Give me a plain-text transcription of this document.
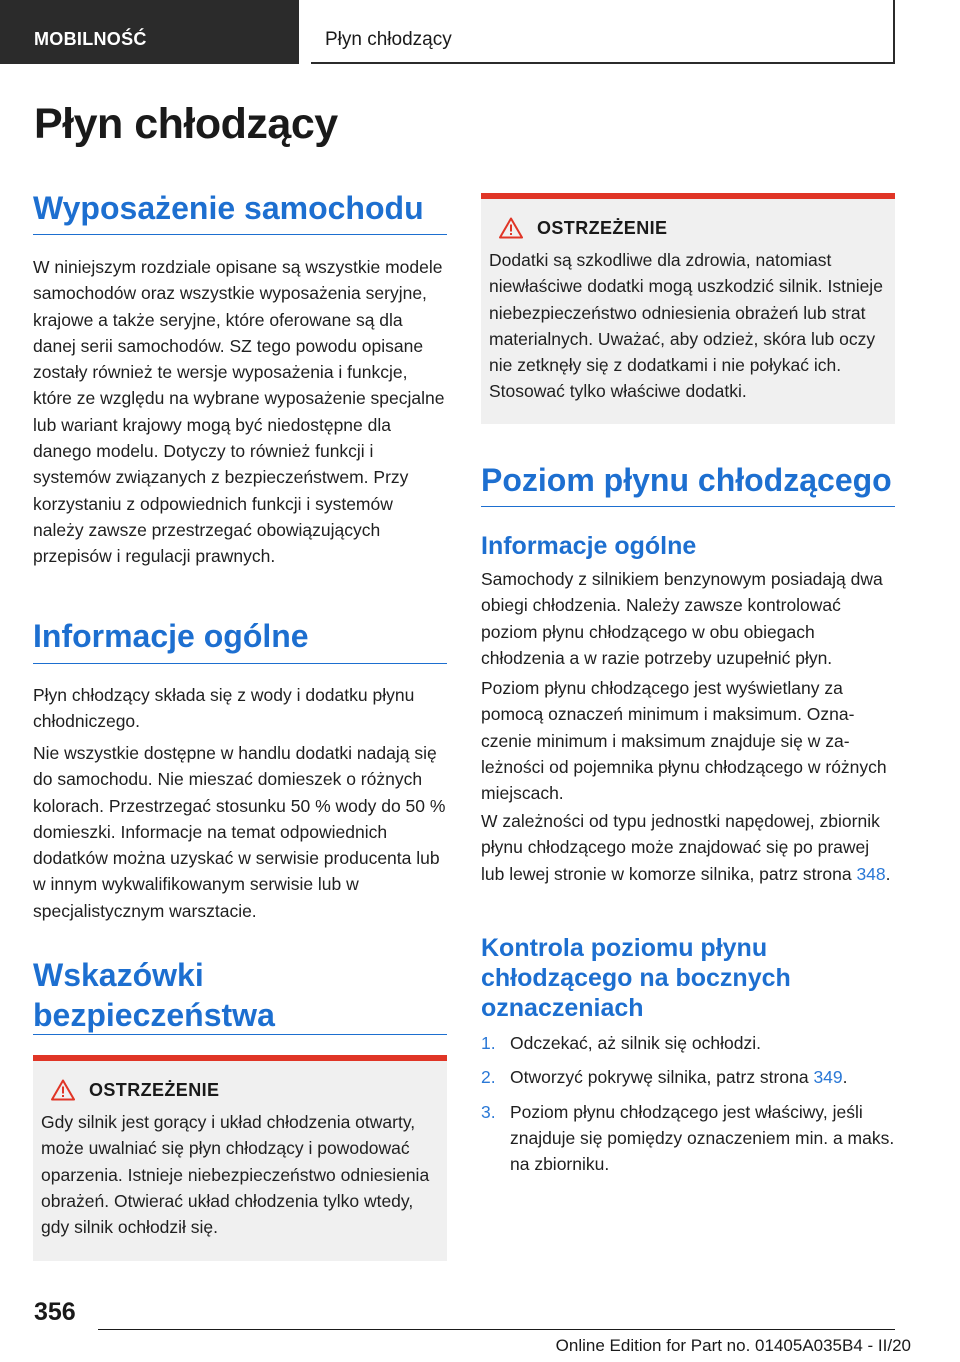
MOBILNOŚĆ	Płyn chłodzący
Płyn chłodzący
Wyposażenie samochodu

W niniejszym rozdziale opisane są wszystkie modele samochodów oraz wszystkie wyposażenia seryjne, krajowe a także seryjne, które oferowane są dla danej serii samochodów. SZ tego powodu opisane zostały również te wersje wyposażenia i funkcje, które ze względu na wybrane wyposażenie specjalne lub wariant krajowy mogą być niedostępne dla danego modelu. Dotyczy to również funkcji i systemów związanych z bezpieczeństwem. Przy korzystaniu z odpowiednich funkcji i systemów należy zawsze przestrzegać obowiązujących przepisów i regulacji prawnych.

Informacje ogólne

Płyn chłodzący składa się z wody i dodatku płynu chłodniczego.

Nie wszystkie dostępne w handlu dodatki nadają się do samochodu. Nie mieszać domieszek o różnych kolorach. Przestrzegać stosunku 50 % wody do 50 % domieszki. Informacje na temat odpowiednich dodatków można uzyskać w serwisie producenta lub w innym wykwalifikowanym serwisie lub w specjalistycznym warsztacie.

Wskazówki bezpieczeństwa
OSTRZEŻENIE

Gdy silnik jest gorący i układ chłodzenia otwarty, może uwalniać się płyn chłodzący i powodować oparzenia. Istnieje niebezpieczeństwo odniesienia obrażeń. Otwierać układ chłodzenia tylko wtedy, gdy silnik ochłodził się.

OSTRZEŻENIE

Dodatki są szkodliwe dla zdrowia, natomiast niewłaściwe dodatki mogą uszkodzić silnik. Istnieje niebezpieczeństwo odniesienia obrażeń lub strat materialnych. Uważać, aby odzież, skóra lub oczy nie zetknęły się z dodatkami i nie połykać ich. Stosować tylko właściwe dodatki.

Poziom płynu chłodzącego
Informacje ogólne

Samochody z silnikiem benzynowym posiadają dwa obiegi chłodzenia. Należy zawsze kontrolować poziom płynu chłodzącego w obu obiegach chłodzenia a w razie potrzeby uzupełnić płyn.

Poziom płynu chłodzącego jest wyświetlany za pomocą oznaczeń minimum i maksimum. Oznaczenie minimum i maksimum znajduje się w zależności od pojemnika płynu chłodzącego w różnych miejscach.

W zależności od typu jednostki napędowej, zbiornik płynu chłodzącego może znajdować się po prawej lub lewej stronie w komorze silnika, patrz strona 348.

Kontrola poziomu płynu chłodzącego na bocznych oznaczeniach
1. Odczekać, aż silnik się ochłodzi.
2. Otworzyć pokrywę silnika, patrz strona 349.
3. Poziom płynu chłodzącego jest właściwy, jeśli znajduje się pomiędzy oznaczeniem min. a maks. na zbiorniku.
356
Online Edition for Part no. 01405A035B4 - II/20
